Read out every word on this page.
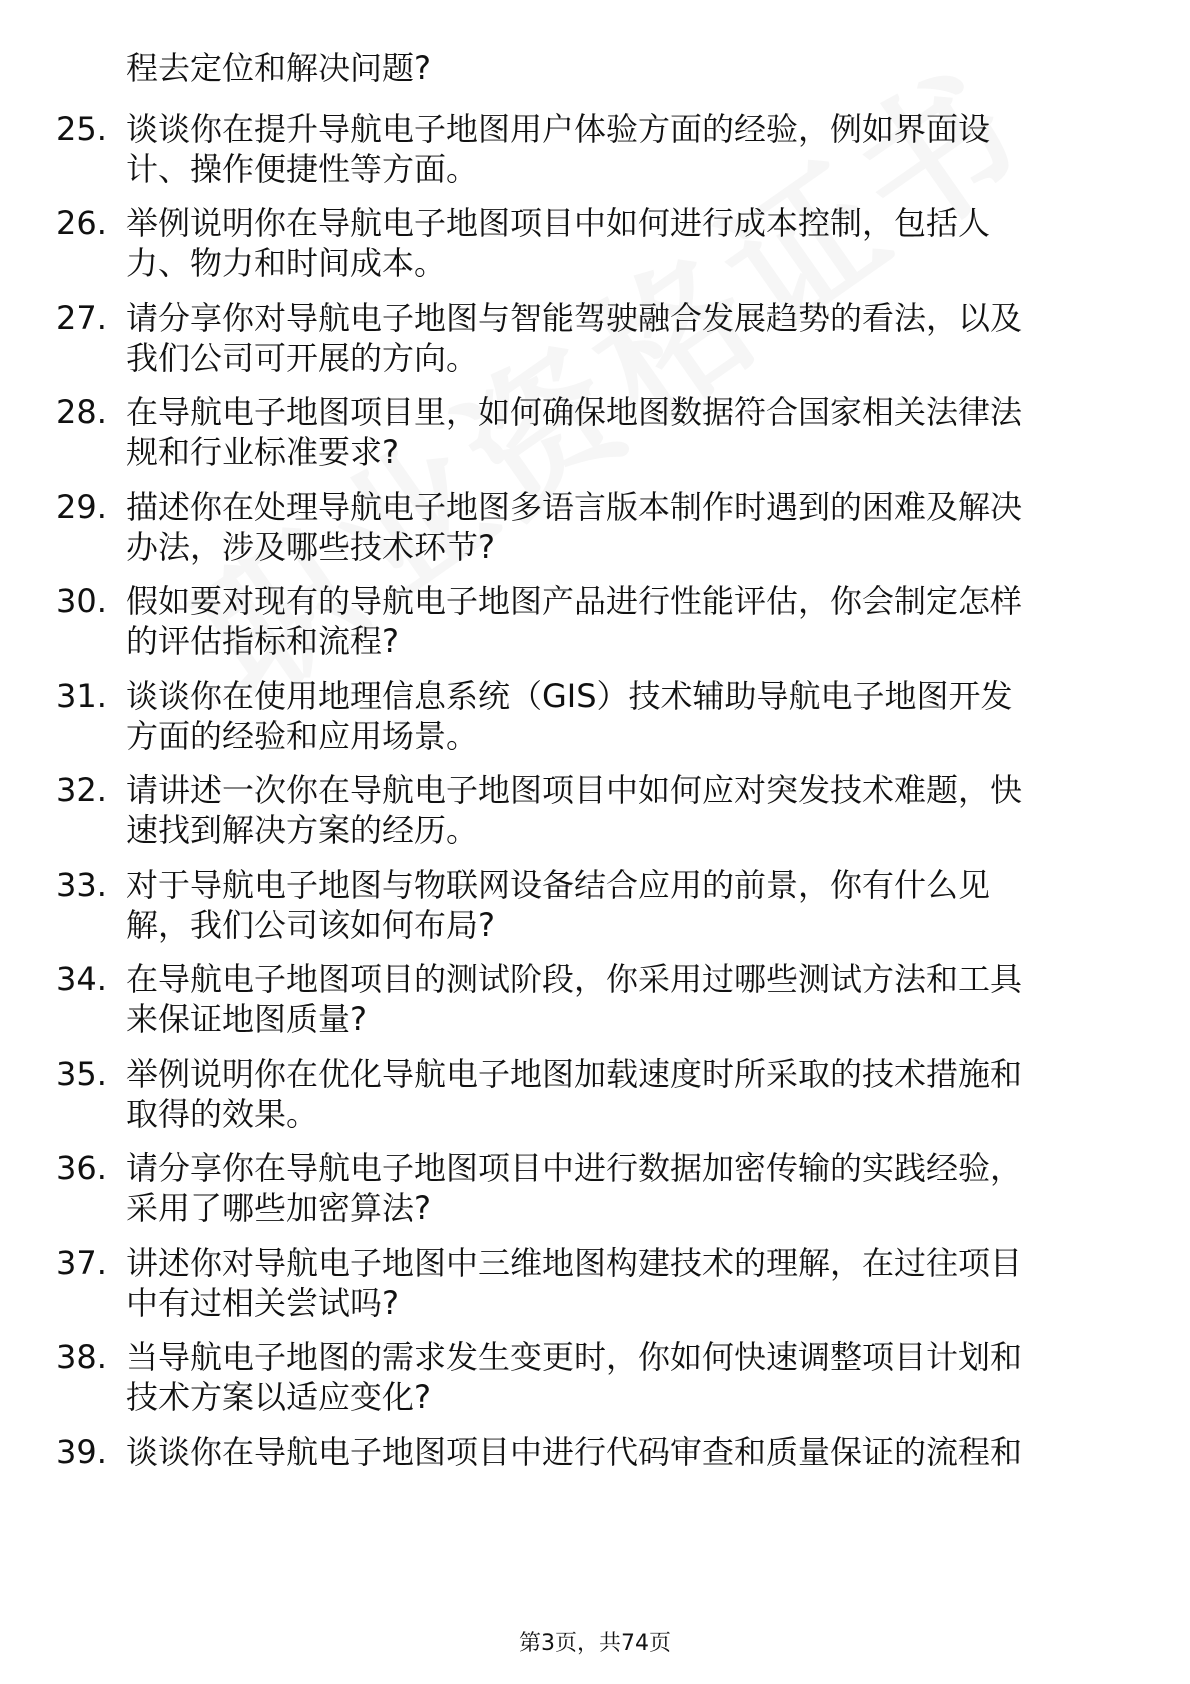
程去定位和解决问题?
25. 谈谈你在提升导航电子地图用户体验方面的经验，例如界面设
计、操作便捷性等方面。
26. 举例说明你在导航电子地图项目中如何进行成本控制，包括人
力、物力和时间成本。
27. 请分享你对导航电子地图与智能驾驶融合发展趋势的看法，以及
我们公司可开展的方向。
28. 在导航电子地图项目里，如何确保地图数据符合国家相关法律法
规和行业标准要求?
29. 描述你在处理导航电子地图多语言版本制作时遇到的困难及解决
办法，涉及哪些技术环节?
30. 假如要对现有的导航电子地图产品进行性能评估，你会制定怎样
的评估指标和流程?
31. 谈谈你在使用地理信息系统（GIS）技术辅助导航电子地图开发
方面的经验和应用场景。
32. 请讲述一次你在导航电子地图项目中如何应对突发技术难题，快
速找到解决方案的经历。
33. 对于导航电子地图与物联网设备结合应用的前景，你有什么见
解，我们公司该如何布局?
34. 在导航电子地图项目的测试阶段，你采用过哪些测试方法和工具
来保证地图质量?
35. 举例说明你在优化导航电子地图加载速度时所采取的技术措施和
取得的效果。
36. 请分享你在导航电子地图项目中进行数据加密传输的实践经验，
采用了哪些加密算法?
37. 讲述你对导航电子地图中三维地图构建技术的理解，在过往项目
中有过相关尝试吗?
38. 当导航电子地图的需求发生变更时，你如何快速调整项目计划和
技术方案以适应变化?
39. 谈谈你在导航电子地图项目中进行代码审查和质量保证的流程和
第3页，共74页
